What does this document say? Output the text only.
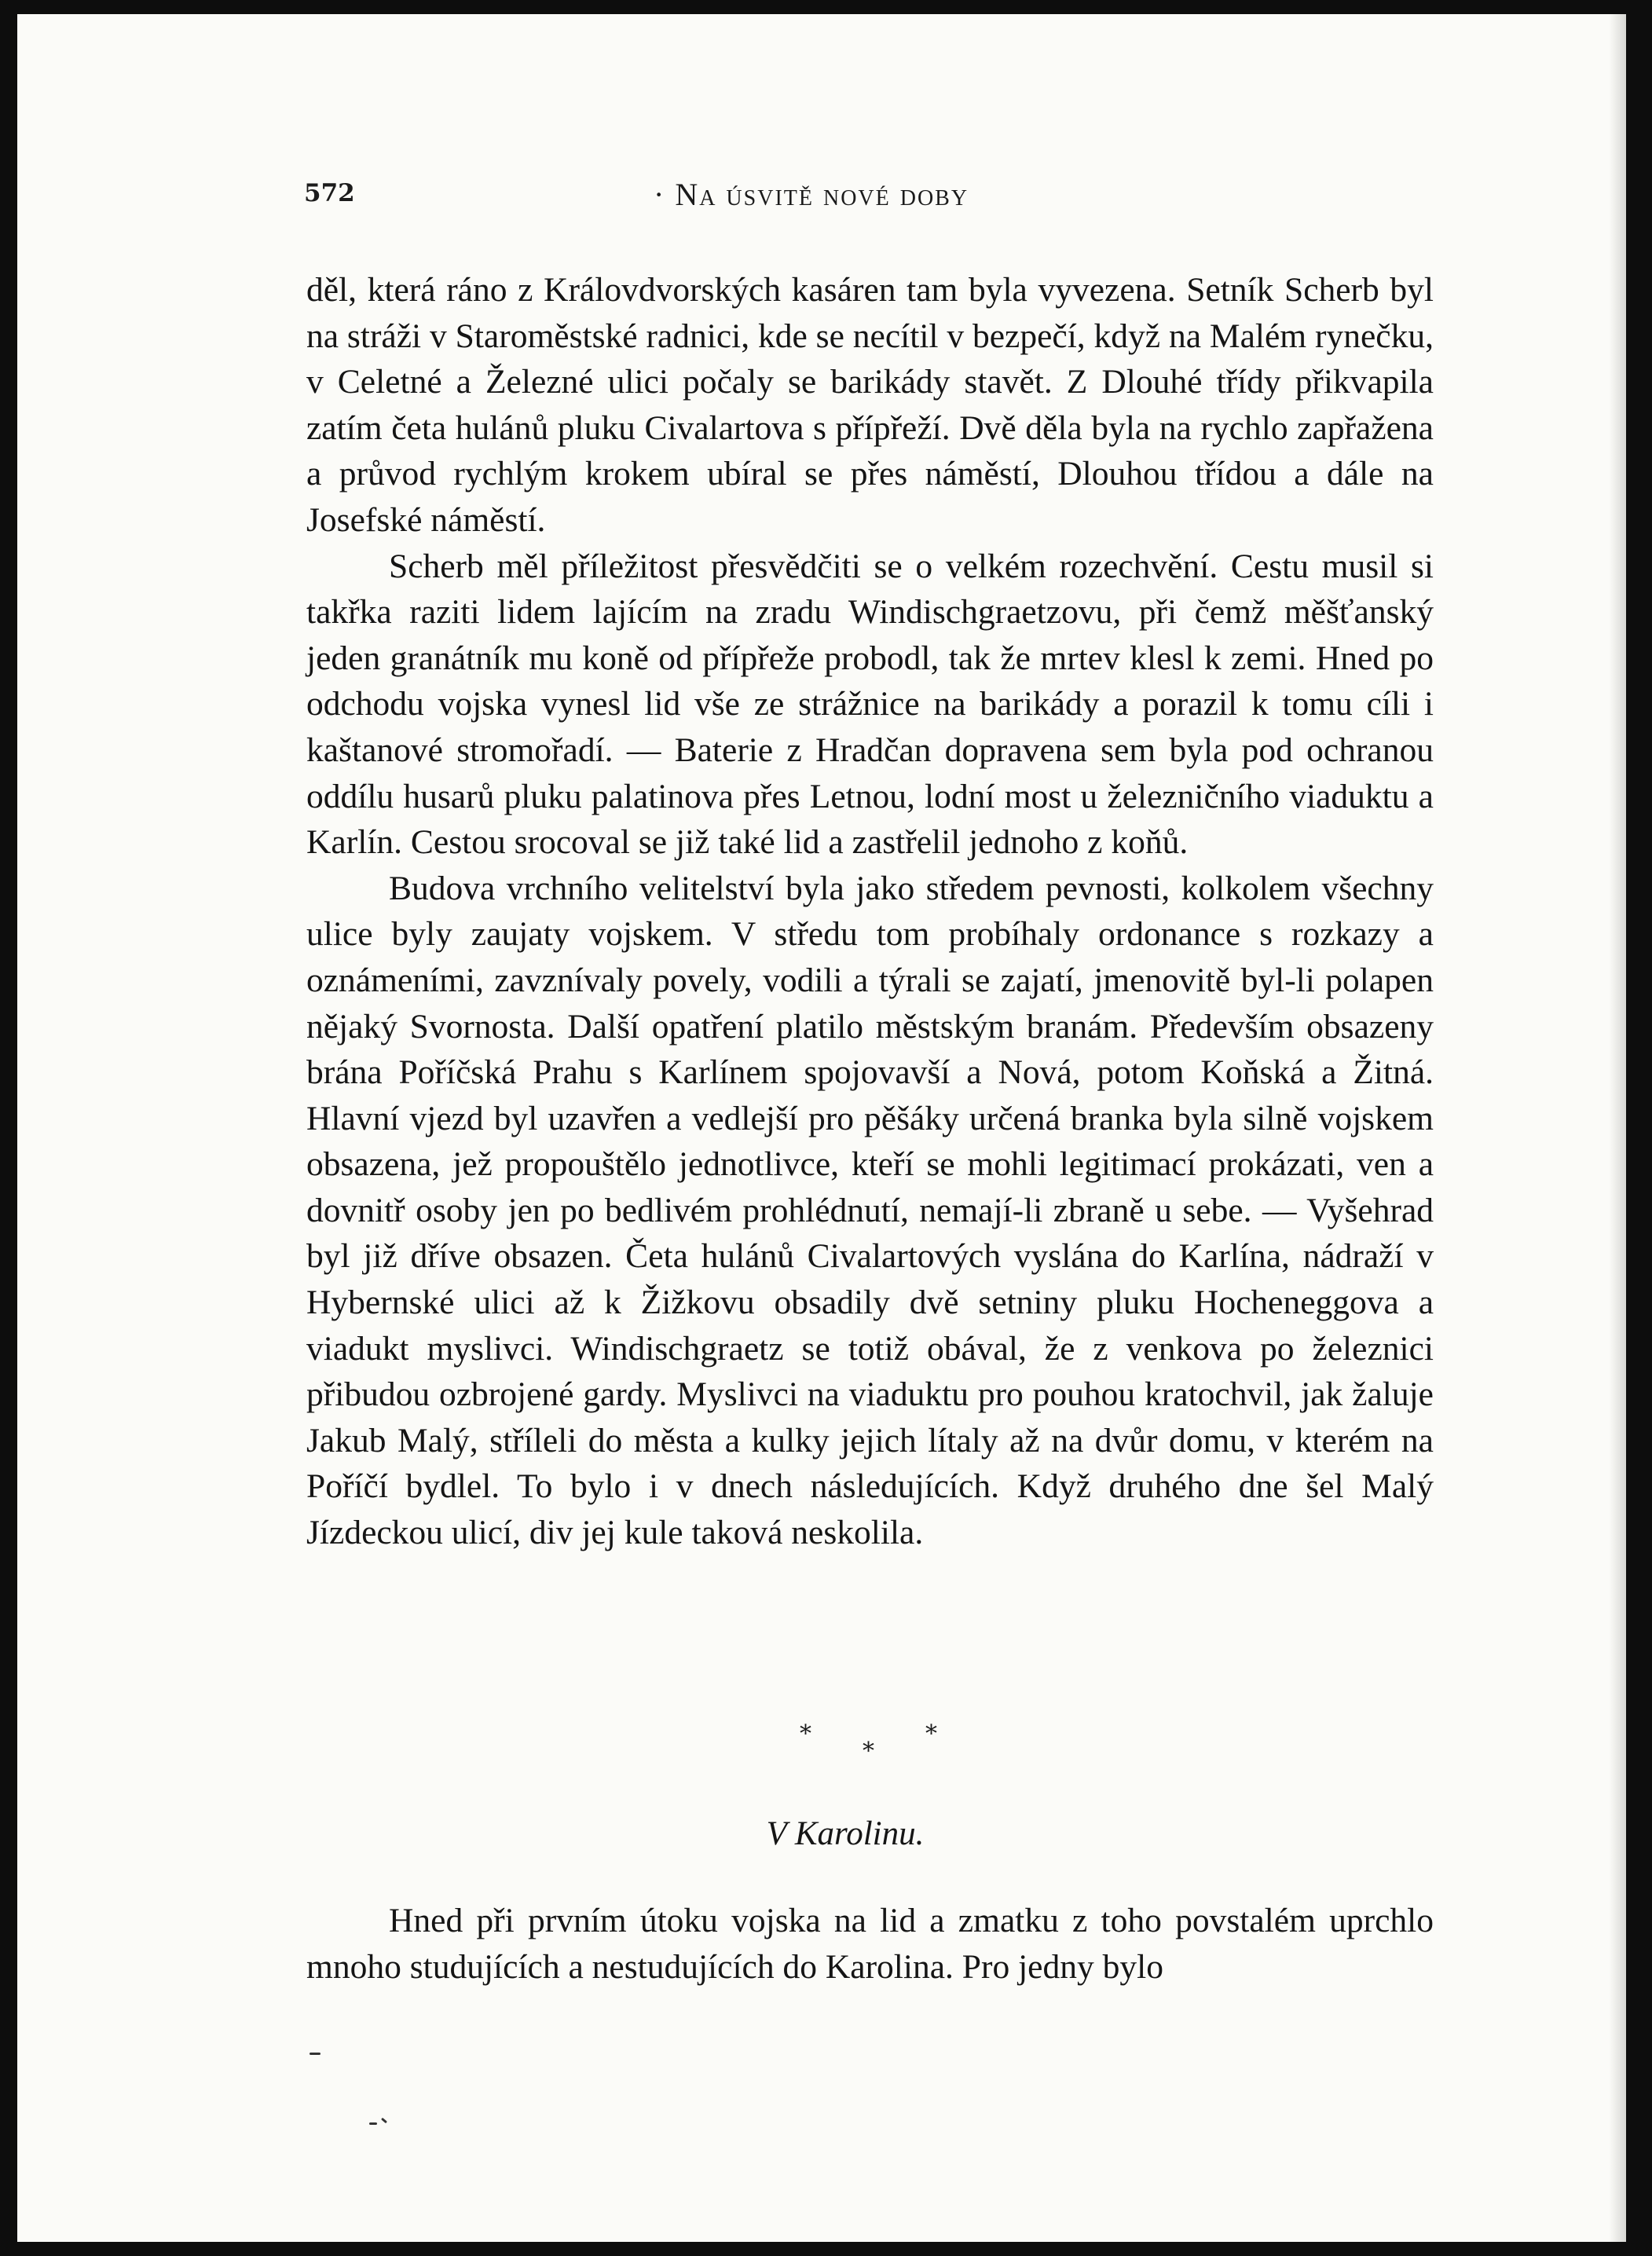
572	· Na úsvitě nové doby

děl, která ráno z Královdvorských kasáren tam byla vyvezena. Setník Scherb byl na stráži v Staroměstské radnici, kde se necítil v bezpečí, když na Malém rynečku, v Celetné a Železné ulici počaly se barikády stavět. Z Dlouhé třídy přikvapila zatím četa hulánů pluku Civalartova s přípřeží. Dvě děla byla na rychlo zapřažena a průvod rychlým krokem ubíral se přes náměstí, Dlouhou třídou a dále na Josefské náměstí.

Scherb měl příležitost přesvědčiti se o velkém rozechvění. Cestu musil si takřka raziti lidem lajícím na zradu Windischgraetzovu, při čemž měšťanský jeden granátník mu koně od přípřeže probodl, tak že mrtev klesl k zemi. Hned po odchodu vojska vynesl lid vše ze strážnice na barikády a porazil k tomu cíli i kaštanové stromořadí. — Baterie z Hradčan dopravena sem byla pod ochranou oddílu husarů pluku palatinova přes Letnou, lodní most u železničního viaduktu a Karlín. Cestou srocoval se již také lid a zastřelil jednoho z koňů.

Budova vrchního velitelství byla jako středem pevnosti, kolkolem všechny ulice byly zaujaty vojskem. V středu tom probíhaly ordonance s rozkazy a oznámeními, zavznívaly povely, vodili a týrali se zajatí, jmenovitě byl-li polapen nějaký Svornosta. Další opatření platilo městským branám. Především obsazeny brána Poříčská Prahu s Karlínem spojovavší a Nová, potom Koňská a Žitná. Hlavní vjezd byl uzavřen a vedlejší pro pěšáky určená branka byla silně vojskem obsazena, jež propouštělo jednotlivce, kteří se mohli legitimací prokázati, ven a dovnitř osoby jen po bedlivém prohlédnutí, nemají-li zbraně u sebe. — Vyšehrad byl již dříve obsazen. Četa hulánů Civalartových vyslána do Karlína, nádraží v Hybernské ulici až k Žižkovu obsadily dvě setniny pluku Hocheneggova a viadukt myslivci. Windischgraetz se totiž obával, že z venkova po železnici přibudou ozbrojené gardy. Myslivci na viaduktu pro pouhou kratochvil, jak žaluje Jakub Malý, stříleli do města a kulky jejich lítaly až na dvůr domu, v kterém na Poříčí bydlel. To bylo i v dnech následujících. Když druhého dne šel Malý Jízdeckou ulicí, div jej kule taková neskolila.

*
*
*
V Karolinu.

Hned při prvním útoku vojska na lid a zmatku z toho povstalém uprchlo mnoho studujících a nestudujících do Karolina. Pro jedny bylo
